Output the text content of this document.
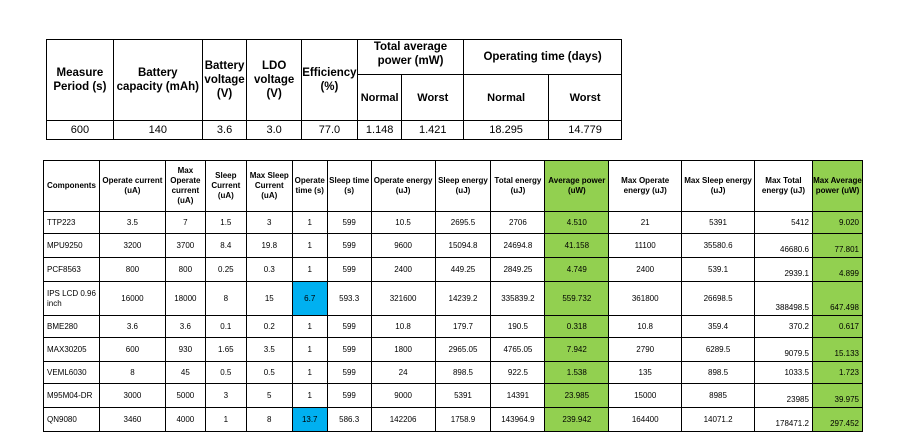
Measure Period (s)	Battery capacity (mAh)	Battery voltage (V)	LDO voltage (V)	Efficiency (%)	Total average power (mW)		Operating time (days)	
					Normal	Worst	Normal	Worst
600	140	3.6	3.0	77.0	1.148	1.421	18.295	14.779
Components	Operate current (uA)	Max Operate current (uA)	Sleep Current (uA)	Max Sleep Current (uA)	Operate time (s)	Sleep time (s)	Operate energy (uJ)	Sleep energy (uJ)	Total energy (uJ)	Average power (uW)	Max Operate energy (uJ)	Max Sleep energy (uJ)	Max Total energy (uJ)	Max Average power (uW)
TTP223	3.5	7	1.5	3	1	599	10.5	2695.5	2706	4.510	21	5391	5412	9.020
MPU9250	3200	3700	8.4	19.8	1	599	9600	15094.8	24694.8	41.158	11100	35580.6	46680.6	77.801
PCF8563	800	800	0.25	0.3	1	599	2400	449.25	2849.25	4.749	2400	539.1	2939.1	4.899
IPS LCD 0.96 inch	16000	18000	8	15	6.7	593.3	321600	14239.2	335839.2	559.732	361800	26698.5	388498.5	647.498
BME280	3.6	3.6	0.1	0.2	1	599	10.8	179.7	190.5	0.318	10.8	359.4	370.2	0.617
MAX30205	600	930	1.65	3.5	1	599	1800	2965.05	4765.05	7.942	2790	6289.5	9079.5	15.133
VEML6030	8	45	0.5	0.5	1	599	24	898.5	922.5	1.538	135	898.5	1033.5	1.723
M95M04-DR	3000	5000	3	5	1	599	9000	5391	14391	23.985	15000	8985	23985	39.975
QN9080	3460	4000	1	8	13.7	586.3	142206	1758.9	143964.9	239.942	164400	14071.2	178471.2	297.452
